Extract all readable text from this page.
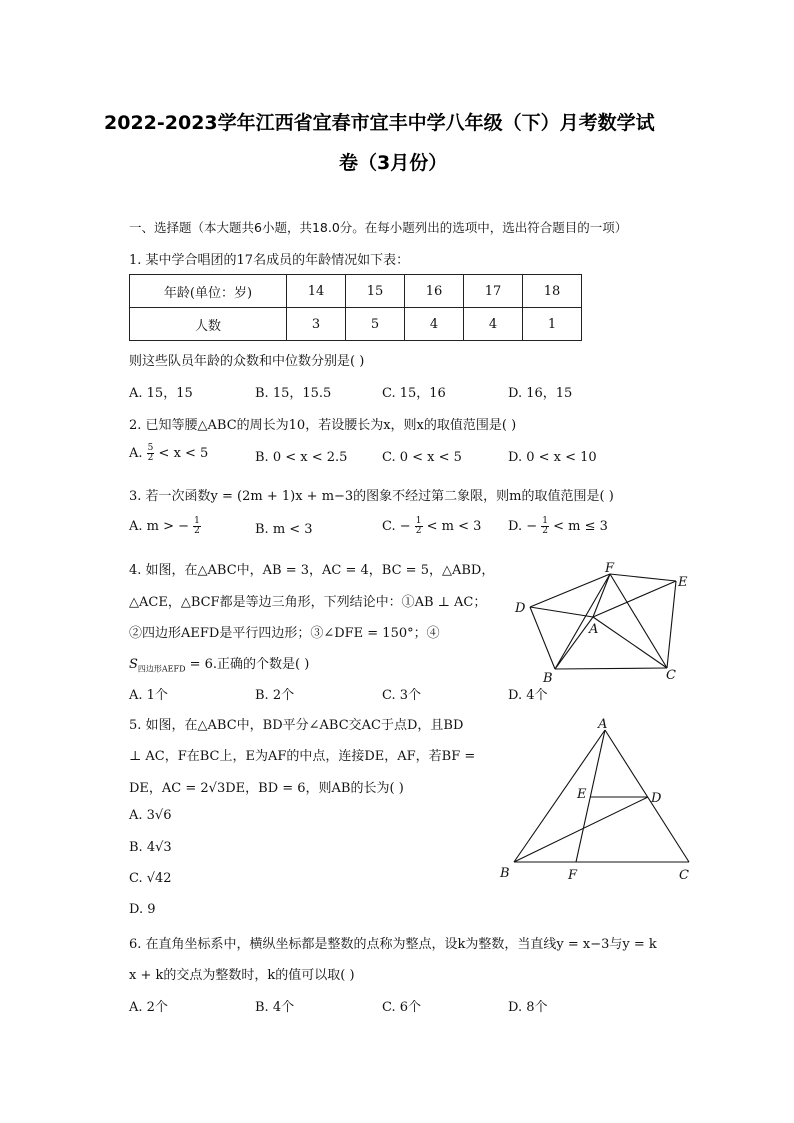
2022-2023学年江西省宜春市宜丰中学八年级（下）月考数学试
卷（3月份）
一、选择题（本大题共6小题，共18.0分。在每小题列出的选项中，选出符合题目的一项）
1. 某中学合唱团的17名成员的年龄情况如下表：
年龄(单位：岁)	14	15	16	17	18
人数	3	5	4	4	1
则这些队员年龄的众数和中位数分别是( )
A. 15，15	B. 15，15.5	C. 15，16	D. 16，15
2. 已知等腰△ABC的周长为10，若设腰长为x，则x的取值范围是( )
A. $\frac{5}{2} < x < 5$	B. 0 < x < 2.5	C. 0 < x < 5	D. 0 < x < 10
3. 若一次函数y = (2m + 1)x + m−3的图象不经过第二象限，则m的取值范围是( )
A. m > − $\frac{1}{2}$	B. m < 3	C. − $\frac{1}{2} < m < 3$ D. − $\frac{1}{2} < m \le 3$
4. 如图，在△ABC中，AB = 3，AC = 4，BC = 5，△ABD，
△ACE，△BCF都是等边三角形，下列结论中：①AB ⊥ AC；
②四边形AEFD是平行四边形；③∠DFE = 150°；④
$S_{四边形AEFD} = 6$.正确的个数是( )
A. 1个	B. 2个	C. 3个	D. 4个
F
E
D
A
B	C
5. 如图，在△ABC中，BD平分∠ABC交AC于点D，且BD
⊥ AC，F在BC上，E为AF的中点，连接DE，AF，若BF =
DE，AC = 2√3DE，BD = 6，则AB的长为( )
A. 3√6
B. 4√3
C. √42
D. 9
A
E	D
B	F	C
6. 在直角坐标系中，横纵坐标都是整数的点称为整点，设k为整数，当直线y = x−3与y = k
x + k的交点为整数时，k的值可以取( )
A. 2个	B. 4个	C. 6个	D. 8个
